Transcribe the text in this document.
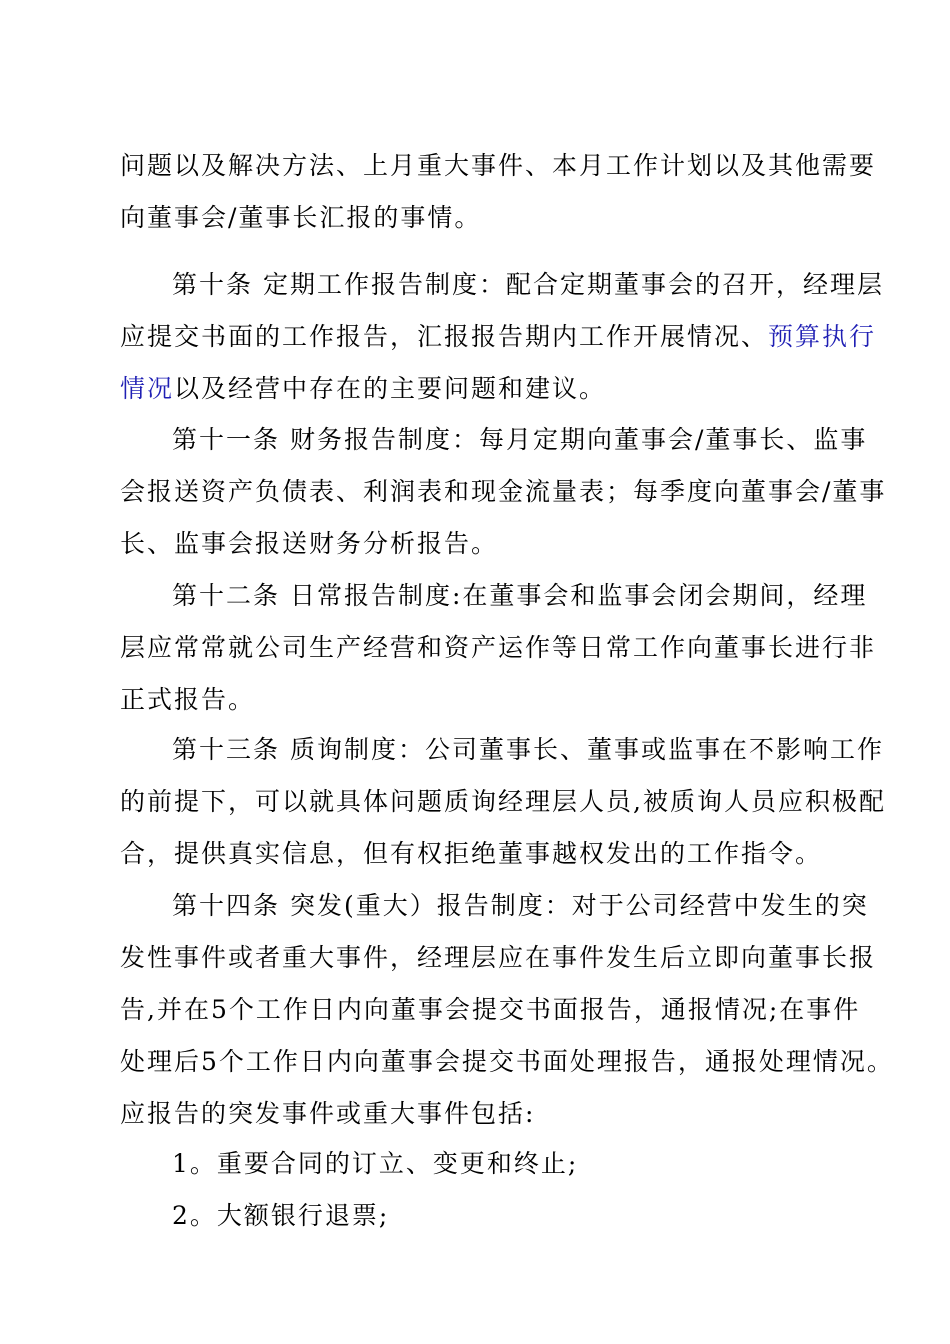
问题以及解决方法、上月重大事件、本月工作计划以及其他需要
向董事会/董事长汇报的事情。
第十条 定期工作报告制度：配合定期董事会的召开，经理层
应提交书面的工作报告，汇报报告期内工作开展情况、预算执行
情况以及经营中存在的主要问题和建议。
第十一条 财务报告制度：每月定期向董事会/董事长、监事
会报送资产负债表、利润表和现金流量表；每季度向董事会/董事
长、监事会报送财务分析报告。
第十二条 日常报告制度:在董事会和监事会闭会期间，经理
层应常常就公司生产经营和资产运作等日常工作向董事长进行非
正式报告。
第十三条 质询制度：公司董事长、董事或监事在不影响工作
的前提下，可以就具体问题质询经理层人员,被质询人员应积极配
合，提供真实信息，但有权拒绝董事越权发出的工作指令。
第十四条 突发(重大）报告制度：对于公司经营中发生的突
发性事件或者重大事件，经理层应在事件发生后立即向董事长报
告,并在5个工作日内向董事会提交书面报告，通报情况;在事件
处理后5个工作日内向董事会提交书面处理报告，通报处理情况。
应报告的突发事件或重大事件包括:
1。重要合同的订立、变更和终止;
2。大额银行退票;
